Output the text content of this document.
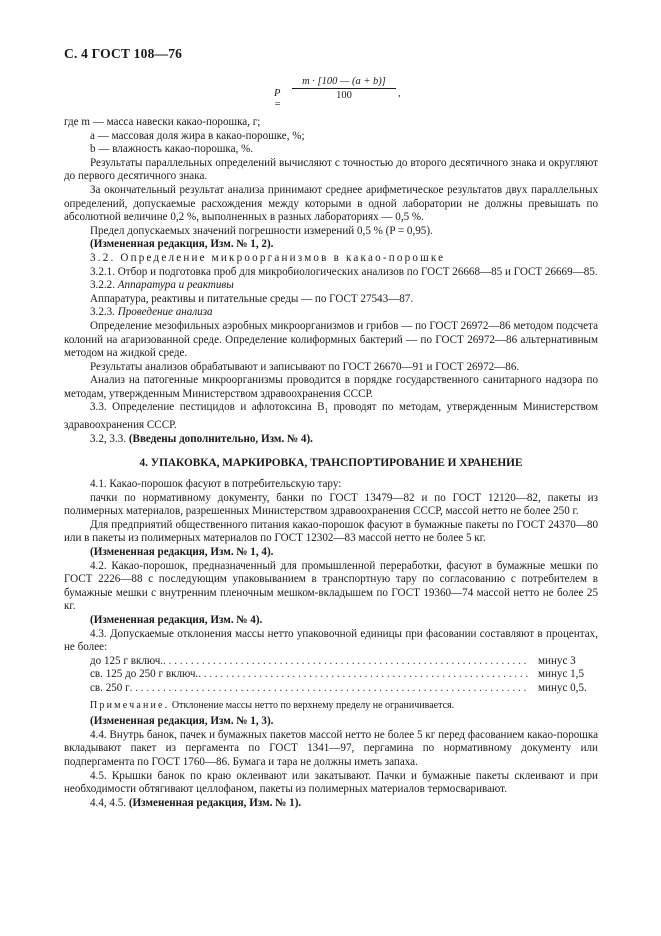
С. 4 ГОСТ 108—76
P =
$\frac{m \cdot [100 — (a + b)]}{100}$ ,

где m — масса навески какао-порошка, г;

a — массовая доля жира в какао-порошке, %;

b — влажность какао-порошка, %.

Результаты параллельных определений вычисляют с точностью до второго десятичного знака и округляют до первого десятичного знака.

За окончательный результат анализа принимают среднее арифметическое результатов двух параллельных определений, допускаемые расхождения между которыми в одной лаборатории не должны превышать по абсолютной величине 0,2 %, выполненных в разных лабораториях — 0,5 %.

Предел допускаемых значений погрешности измерений 0,5 % (P = 0,95).

(Измененная редакция, Изм. № 1, 2).

3.2. Определение микроорганизмов в какао-порошке

3.2.1. Отбор и подготовка проб для микробиологических анализов по ГОСТ 26668—85 и ГОСТ 26669—85.

3.2.2. Аппаратура и реактивы

Аппаратура, реактивы и питательные среды — по ГОСТ 27543—87.

3.2.3. Проведение анализа

Определение мезофильных аэробных микроорганизмов и грибов — по ГОСТ 26972—86 методом подсчета колоний на агаризованной среде. Определение колиформных бактерий — по ГОСТ 26972—86 альтернативным методом на жидкой среде.

Результаты анализов обрабатывают и записывают по ГОСТ 26670—91 и ГОСТ 26972—86.

Анализ на патогенные микроорганизмы проводится в порядке государственного санитарного надзора по методам, утвержденным Министерством здравоохранения СССР.

3.3. Определение пестицидов и афлотоксина $B_1$ проводят по методам, утвержденным Министерством здравоохранения СССР.

3.2, 3.3. (Введены дополнительно, Изм. № 4).

4. УПАКОВКА, МАРКИРОВКА, ТРАНСПОРТИРОВАНИЕ И ХРАНЕНИЕ

4.1. Какао-порошок фасуют в потребительскую тару:

пачки по нормативному документу, банки по ГОСТ 13479—82 и по ГОСТ 12120—82, пакеты из полимерных материалов, разрешенных Министерством здравоохранения СССР, массой нетто не более 250 г.

Для предприятий общественного питания какао-порошок фасуют в бумажные пакеты по ГОСТ 24370—80 или в пакеты из полимерных материалов по ГОСТ 12302—83 массой нетто не более 5 кг.

(Измененная редакция, Изм. № 1, 4).

4.2. Какао-порошок, предназначенный для промышленной переработки, фасуют в бумажные мешки по ГОСТ 2226—88 с последующим упаковыванием в транспортную тару по согласованию с потребителем в бумажные мешки с внутренним пленочным мешком-вкладышем по ГОСТ 19360—74 массой нетто не более 25 кг.

(Измененная редакция, Изм. № 4).

4.3. Допускаемые отклонения массы нетто упаковочной единицы при фасовании составляют в процентах, не более:

до 125 г включ. . . .	минус 3
св. 125 до 250 г включ. . . .	минус 1,5
св. 250 г . . .	минус 0,5.

Примечание. Отклонение массы нетто по верхнему пределу не ограничивается.

(Измененная редакция, Изм. № 1, 3).

4.4. Внутрь банок, пачек и бумажных пакетов массой нетто не более 5 кг перед фасованием какао-порошка вкладывают пакет из пергамента по ГОСТ 1341—97, пергамина по нормативному документу или подпергамента по ГОСТ 1760—86. Бумага и тара не должны иметь запаха.

4.5. Крышки банок по краю оклеивают или закатывают. Пачки и бумажные пакеты склеивают и при необходимости обтягивают целлофаном, пакеты из полимерных материалов термосваривают.

4.4, 4.5. (Измененная редакция, Изм. № 1).
